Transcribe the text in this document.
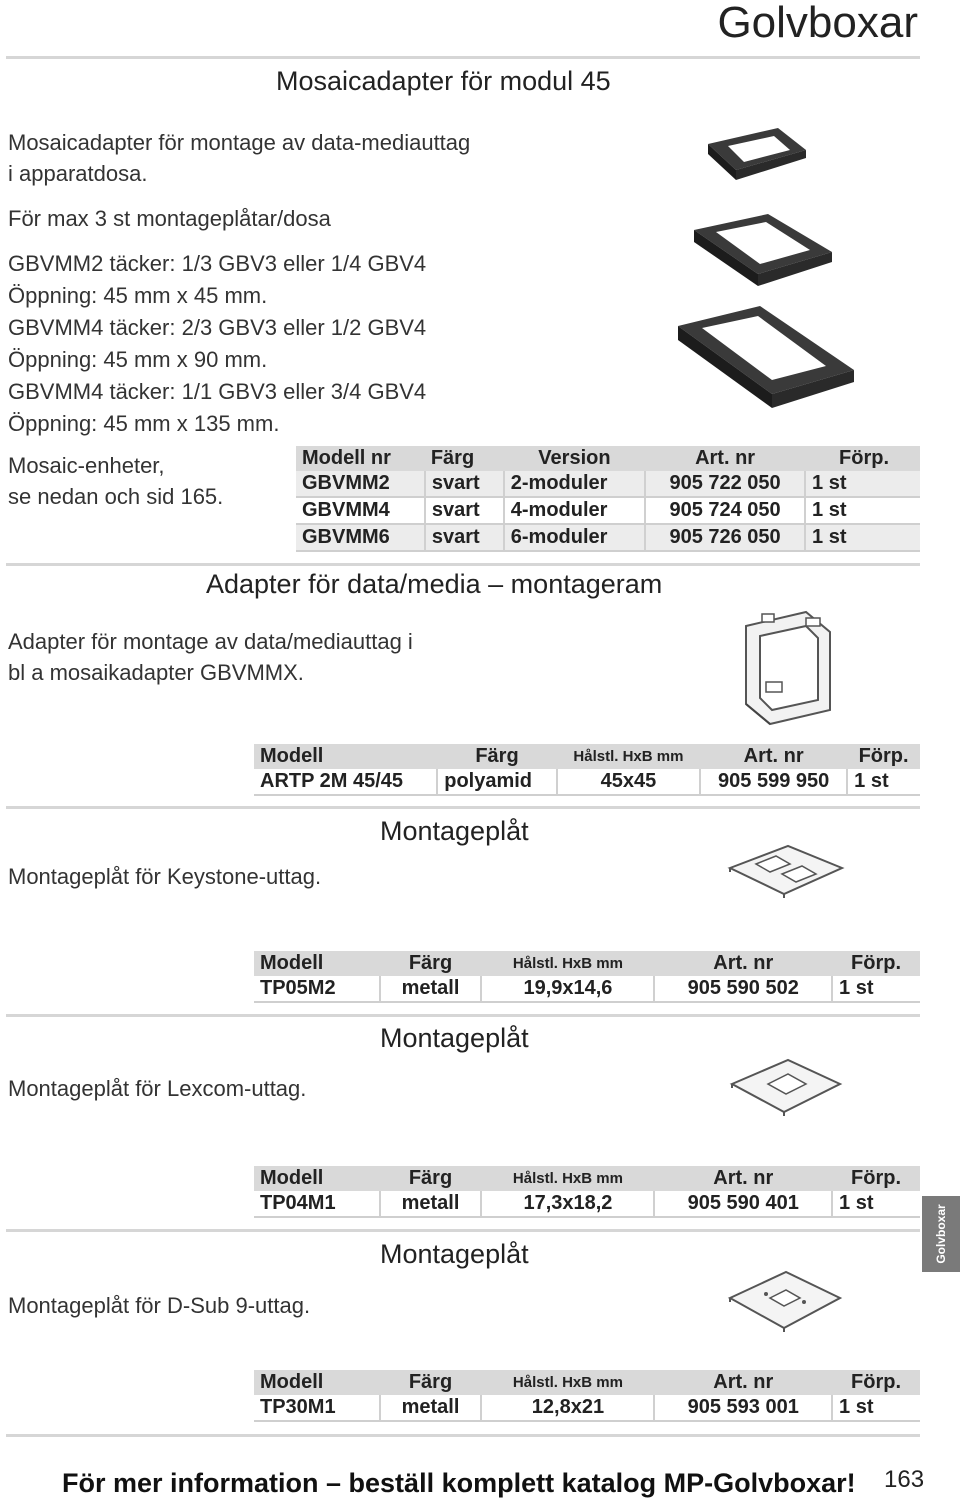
Golvboxar
Mosaicadapter för modul 45
Mosaicadapter för montage av data-mediauttag
i apparatdosa.
För max 3 st montageplåtar/dosa
GBVMM2 täcker: 1/3 GBV3 eller 1/4 GBV4
Öppning: 45 mm x 45 mm.
GBVMM4 täcker: 2/3 GBV3 eller 1/2 GBV4
Öppning: 45 mm x 90 mm.
GBVMM4 täcker: 1/1 GBV3 eller 3/4 GBV4
Öppning: 45 mm x 135 mm.
Mosaic-enheter,
se nedan och sid 165.
Modell nr	Färg	Version	Art. nr	Förp.
GBVMM2	svart	2-moduler	905 722 050	1 st
GBVMM4	svart	4-moduler	905 724 050	1 st
GBVMM6	svart	6-moduler	905 726 050	1 st
Adapter för data/media – montageram
Adapter för montage av data/mediauttag i
bl a mosaikadapter GBVMMX.
Modell	Färg	Hålstl. HxB mm	Art. nr	Förp.
ARTP 2M 45/45	polyamid	45x45	905 599 950	1 st
Montageplåt
Montageplåt för Keystone-uttag.
Modell	Färg	Hålstl. HxB mm	Art. nr	Förp.
TP05M2	metall	19,9x14,6	905 590 502	1 st
Montageplåt
Montageplåt för Lexcom-uttag.
Modell	Färg	Hålstl. HxB mm	Art. nr	Förp.
TP04M1	metall	17,3x18,2	905 590 401	1 st
Montageplåt
Montageplåt för D-Sub 9-uttag.
Modell	Färg	Hålstl. HxB mm	Art. nr	Förp.
TP30M1	metall	12,8x21	905 593 001	1 st
Golvboxar
För mer information – beställ komplett katalog MP-Golvboxar! 163
